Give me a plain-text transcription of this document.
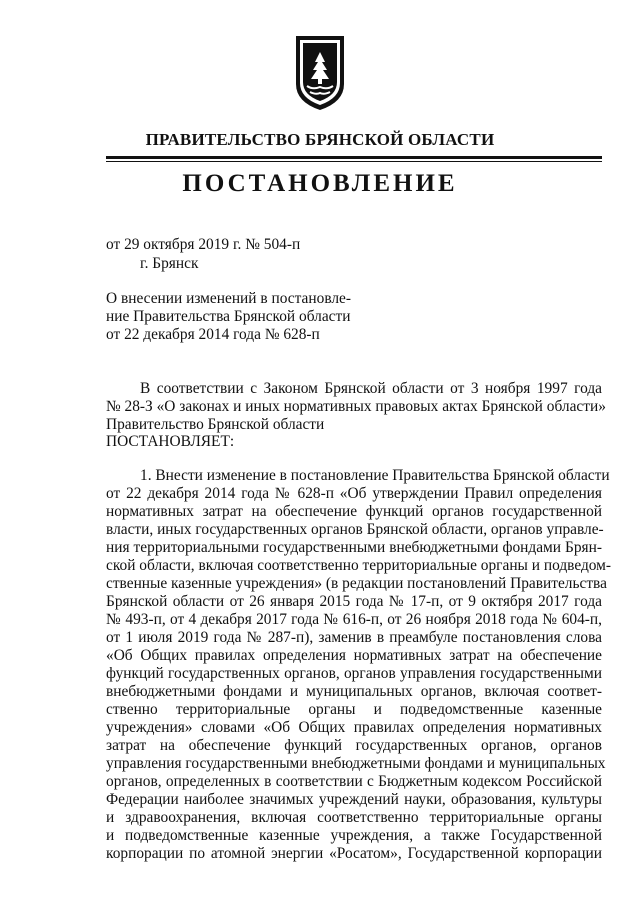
ПРАВИТЕЛЬСТВО БРЯНСКОЙ ОБЛАСТИ
ПОСТАНОВЛЕНИЕ
от 29 октября 2019 г. № 504-п
г. Брянск
О внесении изменений в постановле-
ние Правительства Брянской области
от 22 декабря 2014 года № 628-п
В соответствии с Законом Брянской области от 3 ноября 1997 года
№ 28-З «О законах и иных нормативных правовых актах Брянской области»
Правительство Брянской области
ПОСТАНОВЛЯЕТ:
1. Внести изменение в постановление Правительства Брянской области
от 22 декабря 2014 года № 628-п «Об утверждении Правил определения
нормативных затрат на обеспечение функций органов государственной
власти, иных государственных органов Брянской области, органов управле-
ния территориальными государственными внебюджетными фондами Брян-
ской области, включая соответственно территориальные органы и подведом-
ственные казенные учреждения» (в редакции постановлений Правительства
Брянской области от 26 января 2015 года № 17-п, от 9 октября 2017 года
№ 493-п, от 4 декабря 2017 года № 616-п, от 26 ноября 2018 года № 604-п,
от 1 июля 2019 года № 287-п), заменив в преамбуле постановления слова
«Об Общих правилах определения нормативных затрат на обеспечение
функций государственных органов, органов управления государственными
внебюджетными фондами и муниципальных органов, включая соответ-
ственно территориальные органы и подведомственные казенные
учреждения» словами «Об Общих правилах определения нормативных
затрат на обеспечение функций государственных органов, органов
управления государственными внебюджетными фондами и муниципальных
органов, определенных в соответствии с Бюджетным кодексом Российской
Федерации наиболее значимых учреждений науки, образования, культуры
и здравоохранения, включая соответственно территориальные органы
и подведомственные казенные учреждения, а также Государственной
корпорации по атомной энергии «Росатом», Государственной корпорации
